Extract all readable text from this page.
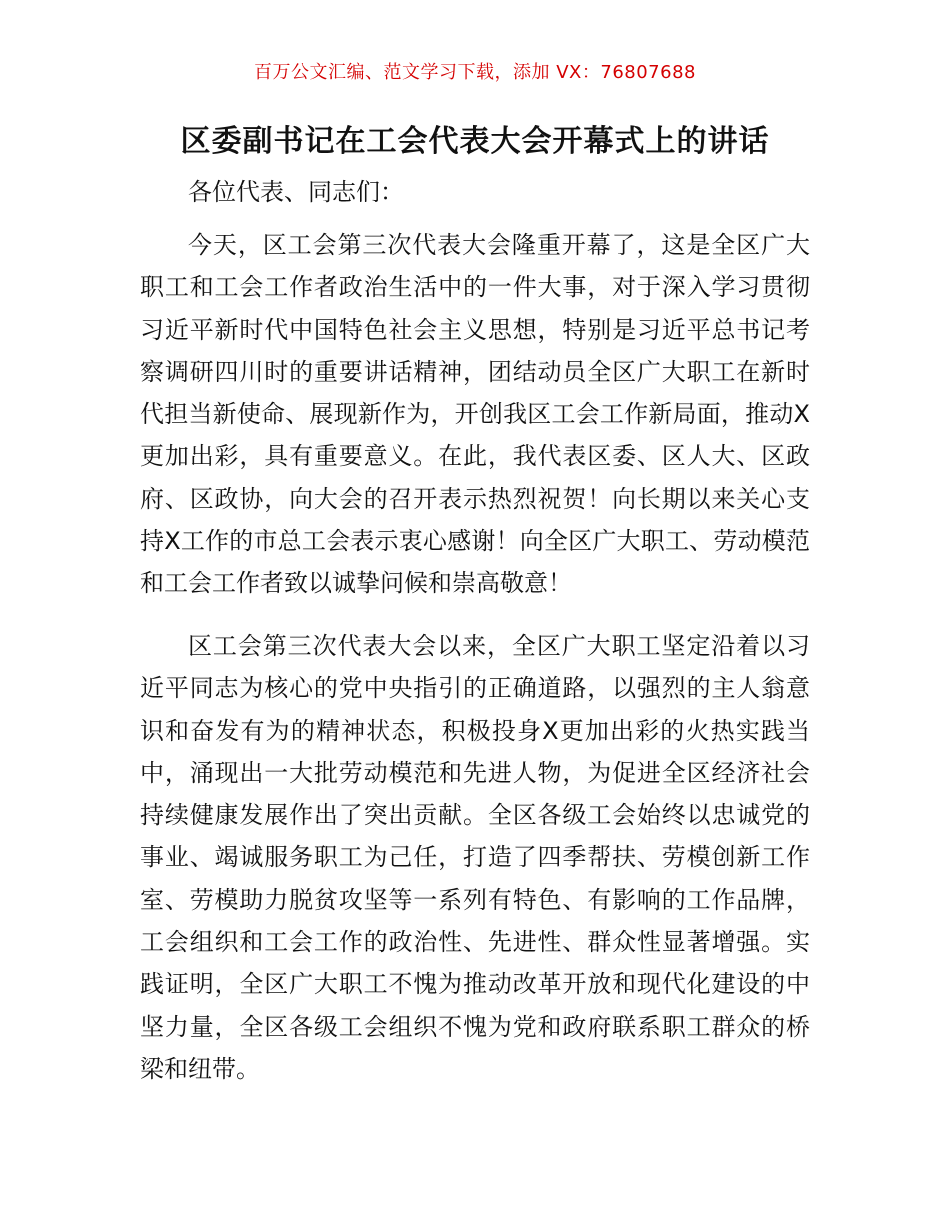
百万公文汇编、范文学习下载，添加 VX：76807688
区委副书记在工会代表大会开幕式上的讲话
各位代表、同志们：

今天，区工会第三次代表大会隆重开幕了，这是全区广大职工和工会工作者政治生活中的一件大事，对于深入学习贯彻习近平新时代中国特色社会主义思想，特别是习近平总书记考察调研四川时的重要讲话精神，团结动员全区广大职工在新时代担当新使命、展现新作为，开创我区工会工作新局面，推动X更加出彩，具有重要意义。在此，我代表区委、区人大、区政府、区政协，向大会的召开表示热烈祝贺！向长期以来关心支持X工作的市总工会表示衷心感谢！向全区广大职工、劳动模范和工会工作者致以诚挚问候和崇高敬意！

区工会第三次代表大会以来，全区广大职工坚定沿着以习近平同志为核心的党中央指引的正确道路，以强烈的主人翁意识和奋发有为的精神状态，积极投身X更加出彩的火热实践当中，涌现出一大批劳动模范和先进人物，为促进全区经济社会持续健康发展作出了突出贡献。全区各级工会始终以忠诚党的事业、竭诚服务职工为己任，打造了四季帮扶、劳模创新工作室、劳模助力脱贫攻坚等一系列有特色、有影响的工作品牌，工会组织和工会工作的政治性、先进性、群众性显著增强。实践证明，全区广大职工不愧为推动改革开放和现代化建设的中坚力量，全区各级工会组织不愧为党和政府联系职工群众的桥梁和纽带。
